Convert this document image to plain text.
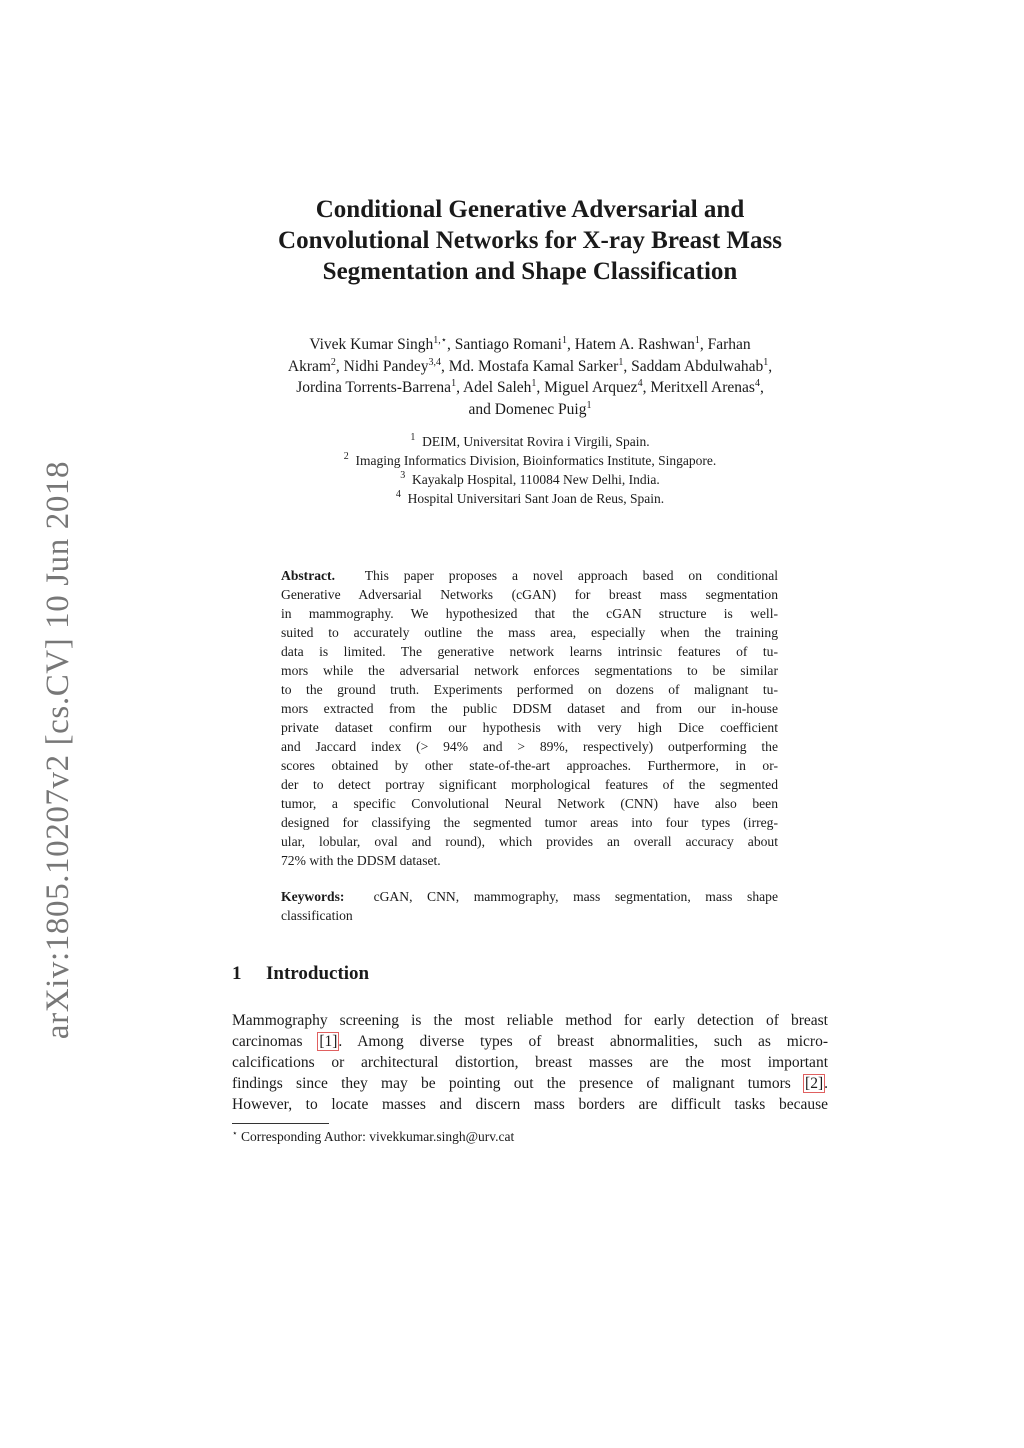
arXiv:1805.10207v2 [cs.CV] 10 Jun 2018
Conditional Generative Adversarial and
Convolutional Networks for X-ray Breast Mass
Segmentation and Shape Classification
Vivek Kumar Singh$^{1,⋆}$, Santiago Romani$^1$, Hatem A. Rashwan$^1$, Farhan
Akram$^2$, Nidhi Pandey$^{3,4}$, Md. Mostafa Kamal Sarker$^1$, Saddam Abdulwahab$^1$,
Jordina Torrents-Barrena$^1$, Adel Saleh$^1$, Miguel Arquez$^4$, Meritxell Arenas$^4$,
and Domenec Puig$^1$
$^1$ DEIM, Universitat Rovira i Virgili, Spain.
$^2$ Imaging Informatics Division, Bioinformatics Institute, Singapore.
$^3$ Kayakalp Hospital, 110084 New Delhi, India.
$^4$ Hospital Universitari Sant Joan de Reus, Spain.
Abstract. This paper proposes a novel approach based on conditional
Generative Adversarial Networks (cGAN) for breast mass segmentation
in mammography. We hypothesized that the cGAN structure is well-
suited to accurately outline the mass area, especially when the training
data is limited. The generative network learns intrinsic features of tu-
mors while the adversarial network enforces segmentations to be similar
to the ground truth. Experiments performed on dozens of malignant tu-
mors extracted from the public DDSM dataset and from our in-house
private dataset confirm our hypothesis with very high Dice coefficient
and Jaccard index (> 94% and > 89%, respectively) outperforming the
scores obtained by other state-of-the-art approaches. Furthermore, in or-
der to detect portray significant morphological features of the segmented
tumor, a specific Convolutional Neural Network (CNN) have also been
designed for classifying the segmented tumor areas into four types (irreg-
ular, lobular, oval and round), which provides an overall accuracy about
72% with the DDSM dataset.
Keywords: cGAN, CNN, mammography, mass segmentation, mass shape
classification
1 Introduction
Mammography screening is the most reliable method for early detection of breast
carcinomas [1]. Among diverse types of breast abnormalities, such as micro-
calcifications or architectural distortion, breast masses are the most important
findings since they may be pointing out the presence of malignant tumors [2].
However, to locate masses and discern mass borders are difficult tasks because
⋆ Corresponding Author: vivekkumar.singh@urv.cat
